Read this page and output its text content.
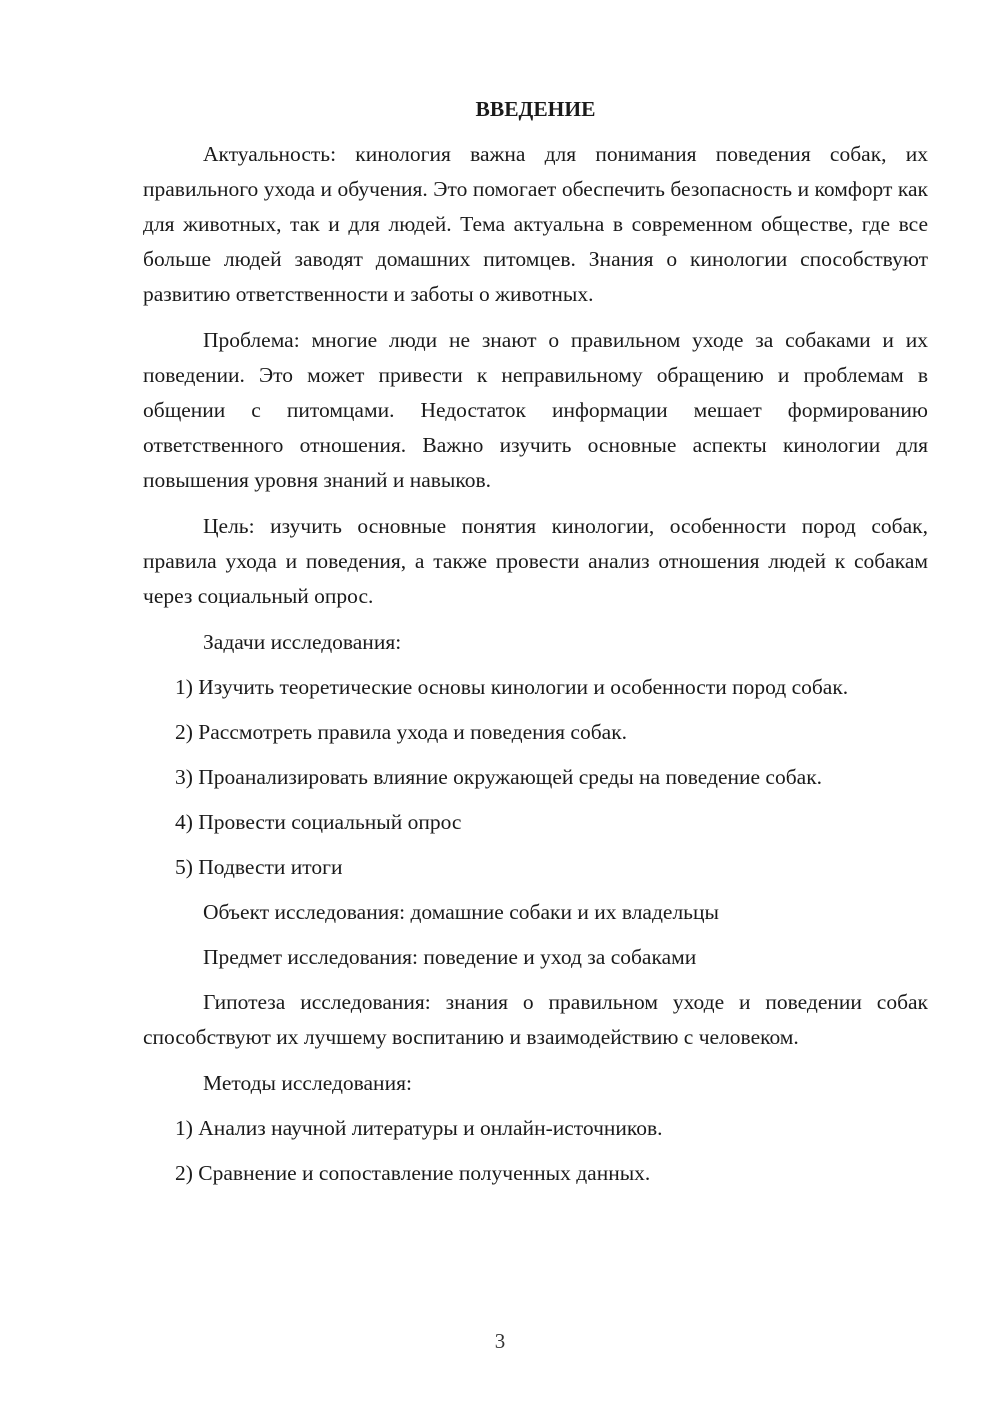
ВВЕДЕНИЕ

Актуальность: кинология важна для понимания поведения собак, их правильного ухода и обучения. Это помогает обеспечить безопасность и комфорт как для животных, так и для людей. Тема актуальна в современном обществе, где все больше людей заводят домашних питомцев. Знания о кинологии способствуют развитию ответственности и заботы о животных.

Проблема: многие люди не знают о правильном уходе за собаками и их поведении. Это может привести к неправильному обращению и проблемам в общении с питомцами. Недостаток информации мешает формированию ответственного отношения. Важно изучить основные аспекты кинологии для повышения уровня знаний и навыков.

Цель: изучить основные понятия кинологии, особенности пород собак, правила ухода и поведения, а также провести анализ отношения людей к собакам через социальный опрос.

Задачи исследования:

1) Изучить теоретические основы кинологии и особенности пород собак.

2) Рассмотреть правила ухода и поведения собак.

3) Проанализировать влияние окружающей среды на поведение собак.

4) Провести социальный опрос

5) Подвести итоги

Объект исследования: домашние собаки и их владельцы

Предмет исследования: поведение и уход за собаками

Гипотеза исследования: знания о правильном уходе и поведении собак способствуют их лучшему воспитанию и взаимодействию с человеком.

Методы исследования:

1) Анализ научной литературы и онлайн-источников.

2) Сравнение и сопоставление полученных данных.

3
